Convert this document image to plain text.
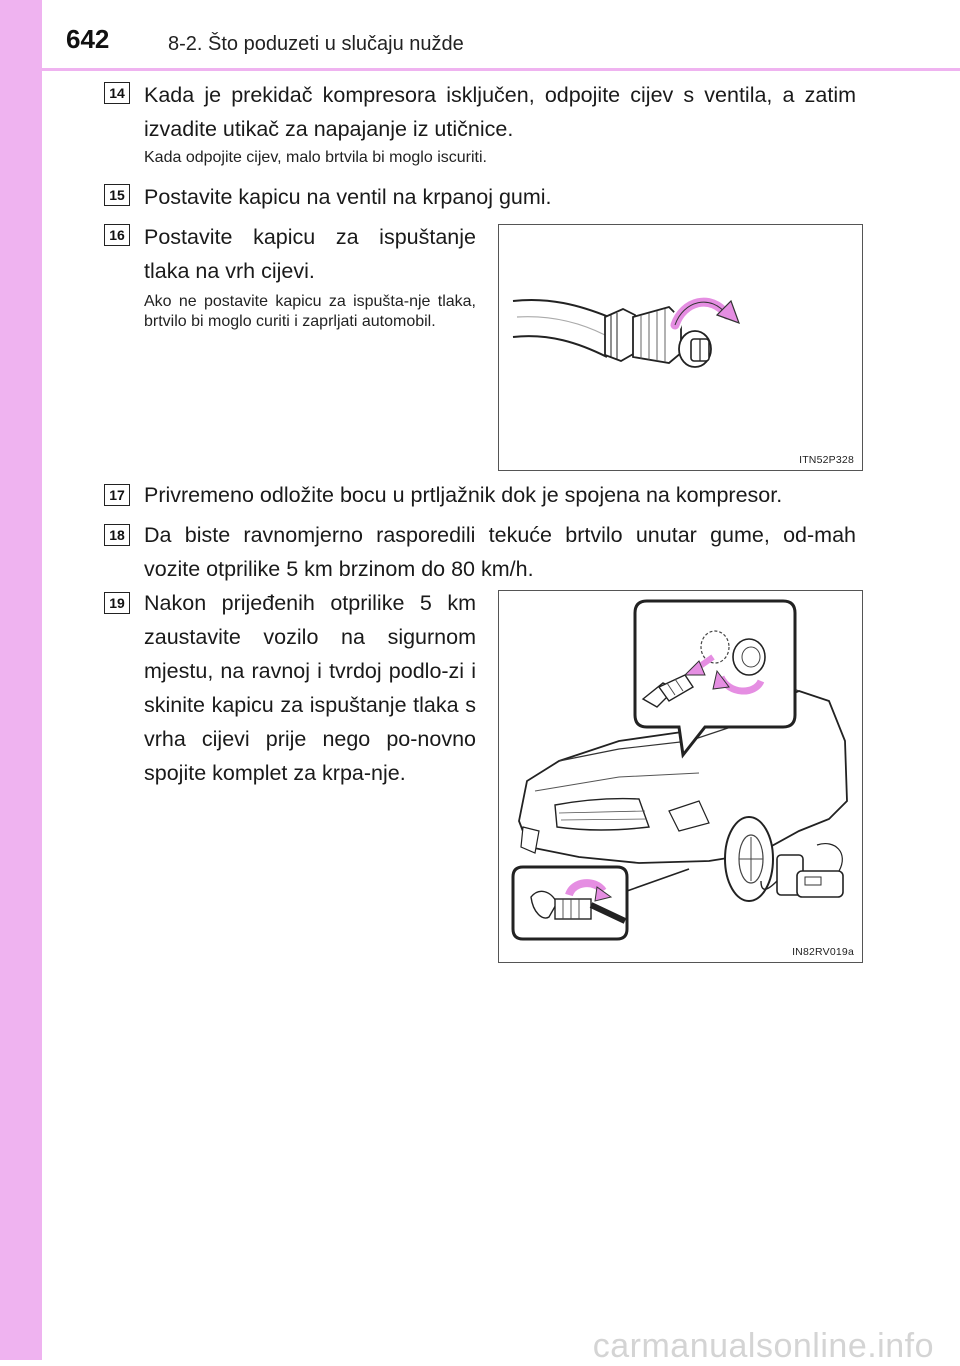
642	8-2. Što poduzeti u slučaju nužde
14 Kada je prekidač kompresora isključen, odpojite cijev s ventila, a zatim izvadite utikač za napajanje iz utičnice.
Kada odpojite cijev, malo brtvila bi moglo iscuriti.
15 Postavite kapicu na ventil na krpanoj gumi.
16 Postavite kapicu za ispuštanje tlaka na vrh cijevi.
Ako ne postavite kapicu za ispušta-nje tlaka, brtvilo bi moglo curiti i zaprljati automobil.
ITN52P328
17 Privremeno odložite bocu u prtljažnik dok je spojena na kompresor.
18 Da biste ravnomjerno rasporedili tekuće brtvilo unutar gume, od-mah vozite otprilike 5 km brzinom do 80 km/h.
19 Nakon prijeđenih otprilike 5 km zaustavite vozilo na sigurnom mjestu, na ravnoj i tvrdoj podlo-zi i skinite kapicu za ispuštanje tlaka s vrha cijevi prije nego po-novno spojite komplet za krpa-nje.
IN82RV019a
carmanualsonline.info
